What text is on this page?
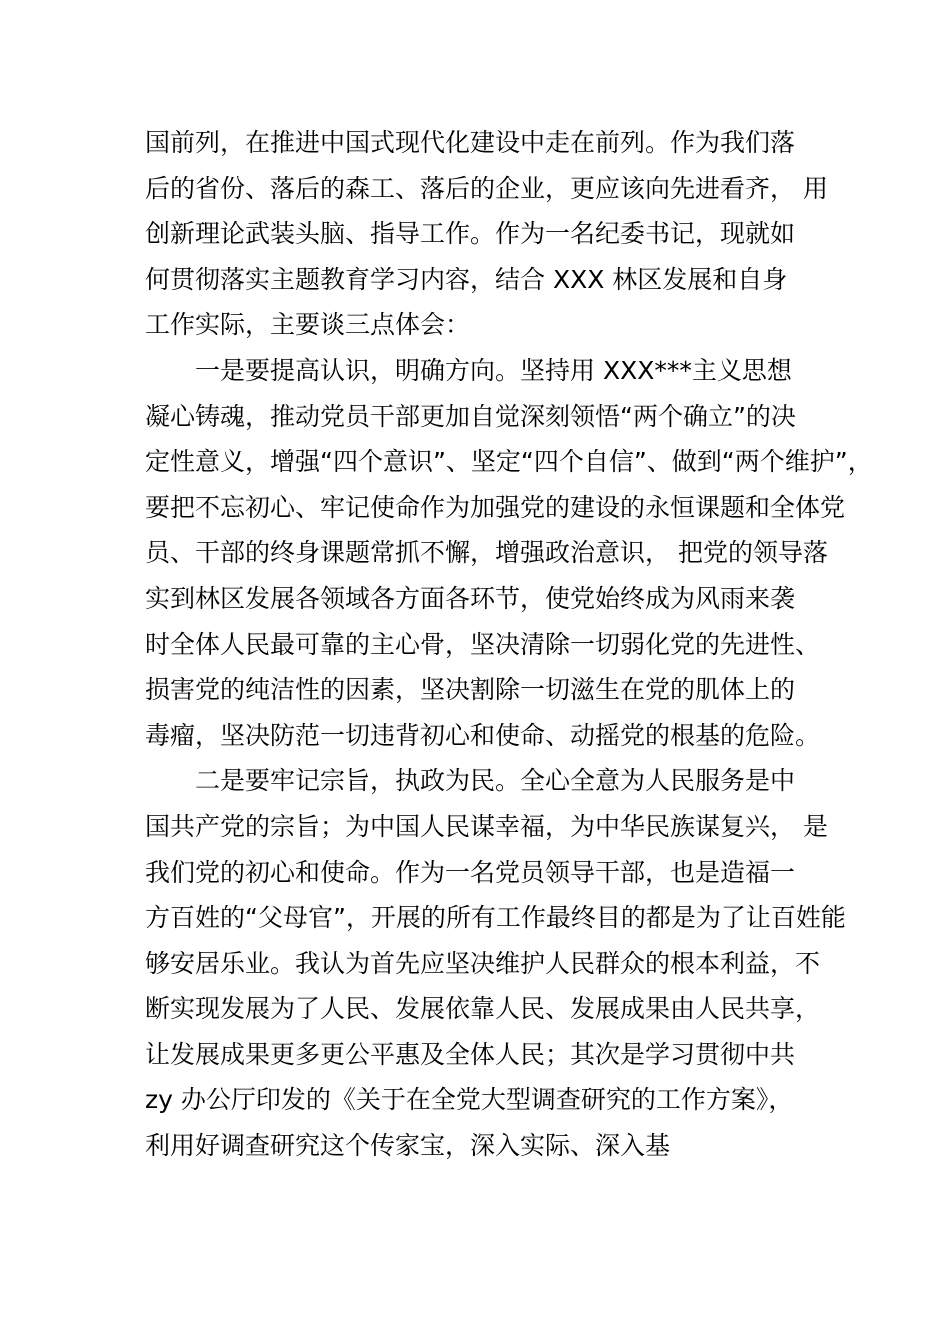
国前列，在推进中国式现代化建设中走在前列。作为我们落
后的省份、落后的森工、落后的企业，更应该向先进看齐， 用
创新理论武装头脑、指导工作。作为一名纪委书记，现就如
何贯彻落实主题教育学习内容，结合 XXX 林区发展和自身
工作实际，主要谈三点体会：
一是要提高认识，明确方向。坚持用 XXX***主义思想
凝心铸魂，推动党员干部更加自觉深刻领悟“两个确立”的决
定性意义，增强“四个意识”、坚定“四个自信”、做到“两个维护”，
要把不忘初心、牢记使命作为加强党的建设的永恒课题和全体党
员、干部的终身课题常抓不懈，增强政治意识， 把党的领导落
实到林区发展各领域各方面各环节，使党始终成为风雨来袭
时全体人民最可靠的主心骨，坚决清除一切弱化党的先进性、
损害党的纯洁性的因素，坚决割除一切滋生在党的肌体上的
毒瘤，坚决防范一切违背初心和使命、动摇党的根基的危险。
二是要牢记宗旨，执政为民。全心全意为人民服务是中
国共产党的宗旨；为中国人民谋幸福，为中华民族谋复兴， 是
我们党的初心和使命。作为一名党员领导干部，也是造福一
方百姓的“父母官”，开展的所有工作最终目的都是为了让百姓能
够安居乐业。我认为首先应坚决维护人民群众的根本利益，不
断实现发展为了人民、发展依靠人民、发展成果由人民共享，
让发展成果更多更公平惠及全体人民；其次是学习贯彻中共
zy 办公厅印发的《关于在全党大型调查研究的工作方案》，
利用好调查研究这个传家宝，深入实际、深入基
